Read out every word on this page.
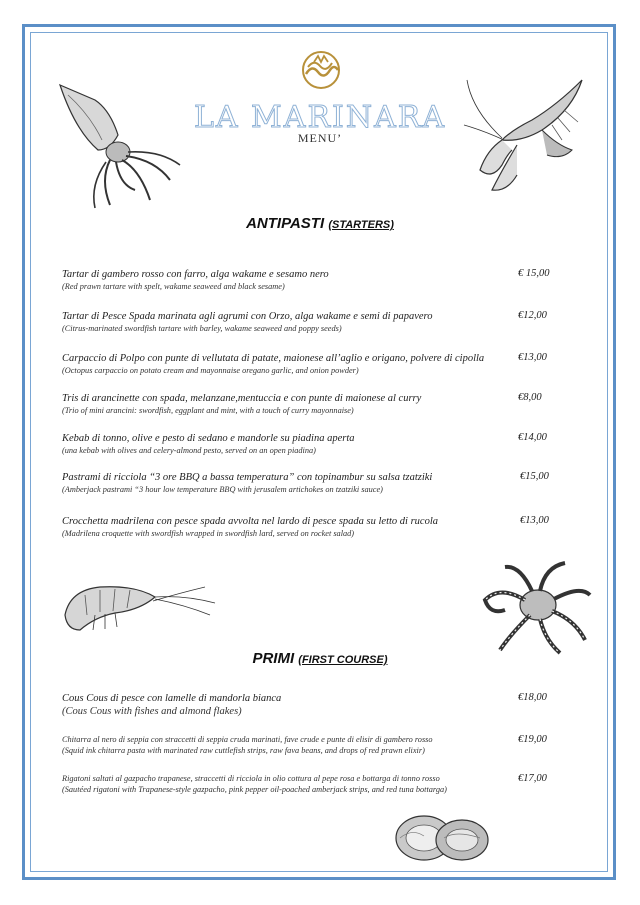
LA MARINARA
MENU’
ANTIPASTI (STARTERS)
Tartar di gambero rosso con farro, alga wakame e sesamo nero
(Red prawn tartare with spelt, wakame seaweed and black sesame)
€ 15,00
Tartar di Pesce Spada marinata agli agrumi con Orzo, alga wakame e semi di papavero
(Citrus-marinated swordfish tartare with barley, wakame seaweed and poppy seeds)
€12,00
Carpaccio di Polpo con punte di vellutata di patate, maionese all’aglio e origano, polvere di cipolla
(Octopus carpaccio on potato cream and mayonnaise oregano garlic, and onion powder)
€13,00
Tris di arancinette con spada, melanzane,mentuccia e con punte di maionese al curry
(Trio of mini arancini: swordfish, eggplant and mint, with a touch of curry mayonnaise)
€8,00
Kebab di tonno, olive e pesto di sedano e mandorle su piadina aperta
(una kebab with olives and celery-almond pesto, served on an open piadina)
€14,00
Pastrami di ricciola “3 ore BBQ a bassa temperatura” con topinambur su salsa tzatziki
(Amberjack pastrami “3 hour low temperature BBQ with jerusalem artichokes on tzatziki sauce)
€15,00
Crocchetta madrilena con pesce spada avvolta nel lardo di pesce spada su letto di rucola
(Madrilena croquette with swordfish wrapped in swordfish lard, served on rocket salad)
€13,00
PRIMI (FIRST COURSE)
Cous Cous di pesce con lamelle di mandorla bianca
(Cous Cous with fishes and almond flakes)
€18,00
Chitarra al nero di seppia con straccetti di seppia cruda marinati, fave crude e punte di elisir di gambero rosso
(Squid ink chitarra pasta with marinated raw cuttlefish strips, raw fava beans, and drops of red prawn elixir)
€19,00
Rigatoni saltati al gazpacho trapanese, straccetti di ricciola in olio cottura al pepe rosa e bottarga di tonno rosso
(Sautéed rigatoni with Trapanese-style gazpacho, pink pepper oil-poached amberjack strips, and red tuna bottarga)
€17,00
